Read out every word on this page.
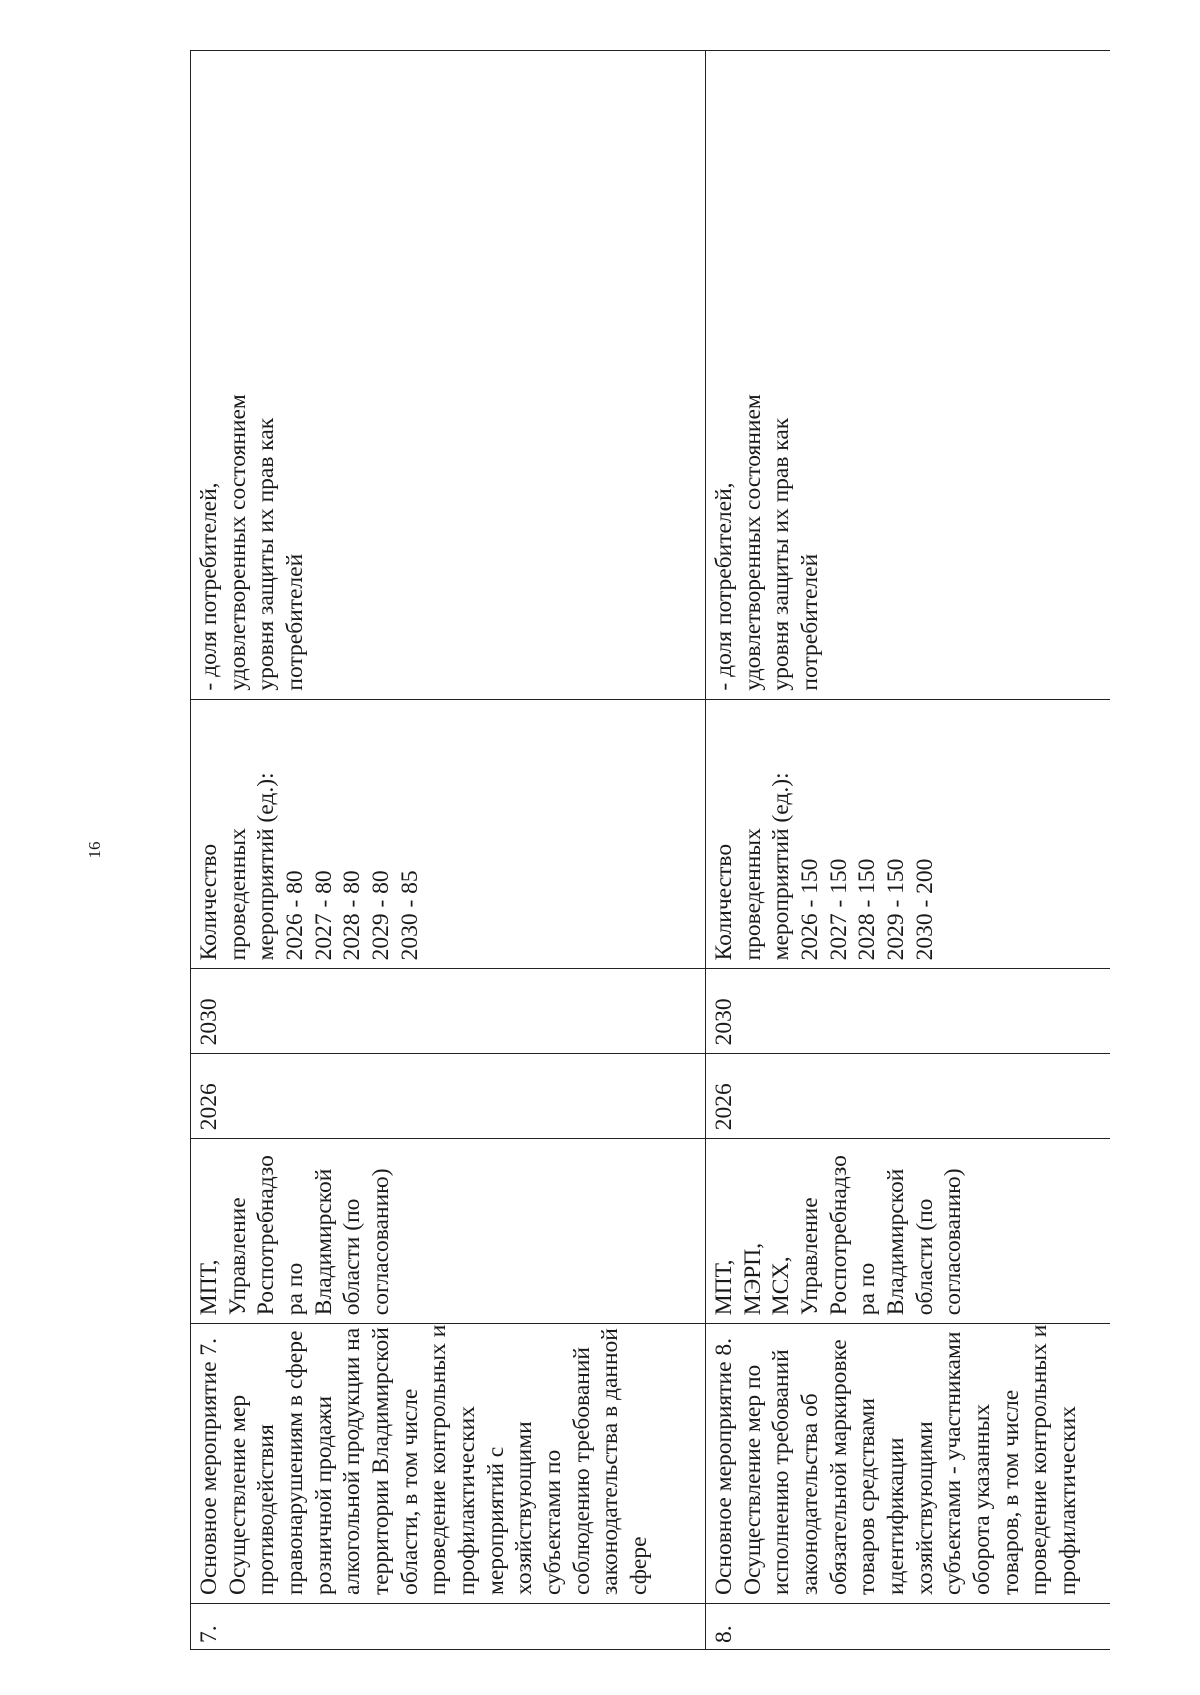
16
7.
Основное мероприятие 7. Осуществление мер противодействия правонарушениям в сфере розничной продажи алкогольной продукции на территории Владимирской области, в том числе проведение контрольных и профилактических мероприятий с хозяйствующими субъектами по соблюдению требований законодательства в данной сфере
МПТ, Управление Роспотребнадзо ра по Владимирской области (по согласованию)
2026
2030
Количество проведенных мероприятий (ед.): 2026 - 80 2027 - 80 2028 - 80 2029 - 80 2030 - 85
- доля потребителей, удовлетворенных состоянием уровня защиты их прав как потребителей
8.
Основное мероприятие 8. Осуществление мер по исполнению требований законодательства об обязательной маркировке товаров средствами идентификации хозяйствующими субъектами - участниками оборота указанных товаров, в том числе проведение контрольных и профилактических
МПТ, МЭРП, МСХ, Управление Роспотребнадзо ра по Владимирской области (по согласованию)
2026
2030
Количество проведенных мероприятий (ед.): 2026 - 150 2027 - 150 2028 - 150 2029 - 150 2030 - 200
- доля потребителей, удовлетворенных состоянием уровня защиты их прав как потребителей
